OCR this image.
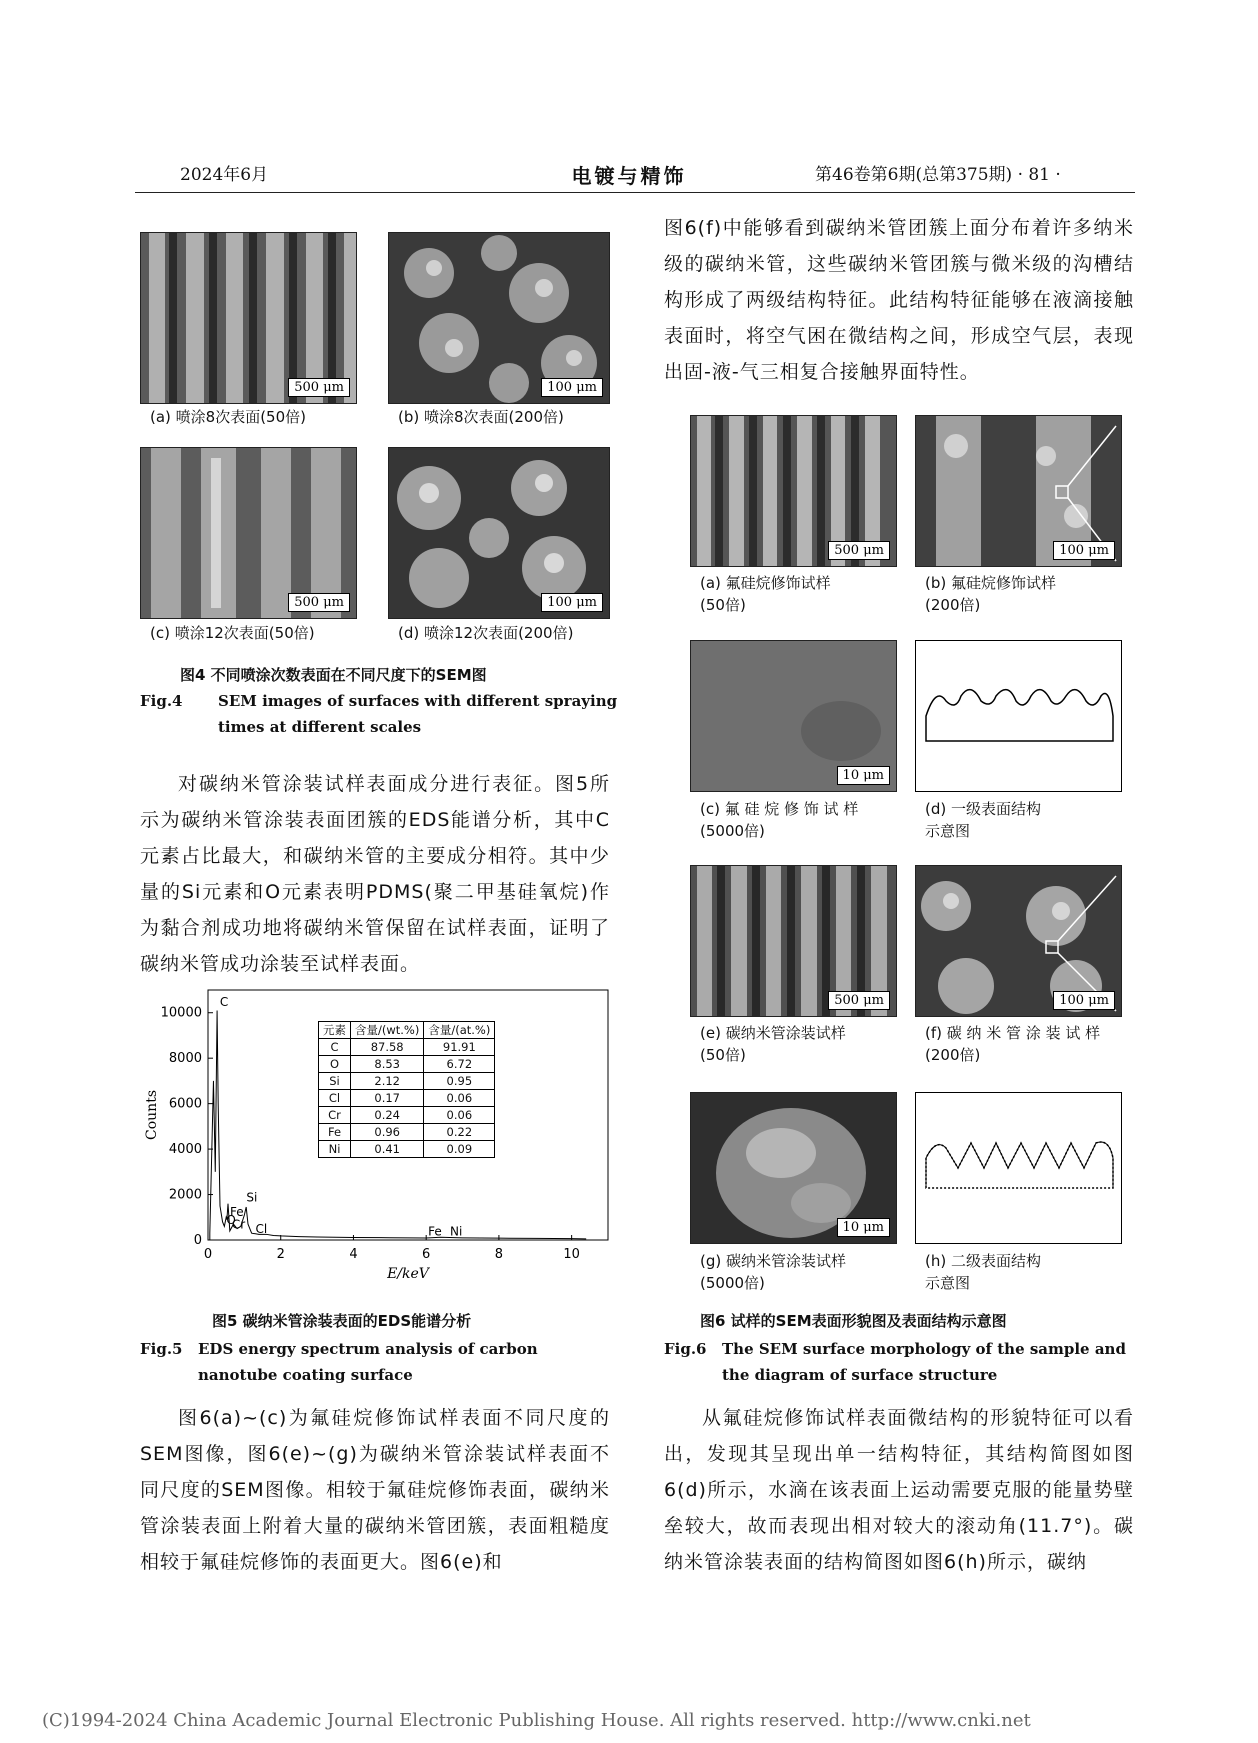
2024年6月	电镀与精饰	第46卷第6期(总第375期) · 81 ·
500 μm	100 μm
(a) 喷涂8次表面(50倍)	(b) 喷涂8次表面(200倍)
500 μm	100 μm
(c) 喷涂12次表面(50倍)	(d) 喷涂12次表面(200倍)
图4 不同喷涂次数表面在不同尺度下的SEM图
Fig.4 SEM images of surfaces with different spraying times at different scales

对碳纳米管涂装试样表面成分进行表征。图5所示为碳纳米管涂装表面团簇的EDS能谱分析，其中C元素占比最大，和碳纳米管的主要成分相符。其中少量的Si元素和O元素表明PDMS(聚二甲基硅氧烷)作为黏合剂成功地将碳纳米管保留在试样表面，证明了碳纳米管成功涂装至试样表面。

0	2	4	6	8	10
0
2000
4000
6000
8000
10000
E/keV
Counts
C
Si
Fe
O
Cr Cl	Fe Ni
元素	含量/(wt.%)	含量/(at.%)
C	87.58	91.91
O	8.53	6.72
Si	2.12	0.95
Cl	0.17	0.06
Cr	0.24	0.06
Fe	0.96	0.22
Ni	0.41	0.09
图5 碳纳米管涂装表面的EDS能谱分析
Fig.5 EDS energy spectrum analysis of carbon nanotube coating surface

图6(a)~(c)为氟硅烷修饰试样表面不同尺度的SEM图像，图6(e)~(g)为碳纳米管涂装试样表面不同尺度的SEM图像。相较于氟硅烷修饰表面，碳纳米管涂装表面上附着大量的碳纳米管团簇，表面粗糙度相较于氟硅烷修饰的表面更大。图6(e)和

图6(f)中能够看到碳纳米管团簇上面分布着许多纳米级的碳纳米管，这些碳纳米管团簇与微米级的沟槽结构形成了两级结构特征。此结构特征能够在液滴接触表面时，将空气困在微结构之间，形成空气层，表现出固-液-气三相复合接触界面特性。

500 μm	100 μm
(a) 氟硅烷修饰试样
(50倍)
(b) 氟硅烷修饰试样
(200倍)
10 μm
(c) 氟 硅 烷 修 饰 试 样
(5000倍)
(d) 一级表面结构
示意图
500 μm	100 μm
(e) 碳纳米管涂装试样
(50倍)
(f) 碳 纳 米 管 涂 装 试 样
(200倍)
10 μm
(g) 碳纳米管涂装试样
(5000倍)
(h) 二级表面结构
示意图
图6 试样的SEM表面形貌图及表面结构示意图
Fig.6 The SEM surface morphology of the sample and the diagram of surface structure

从氟硅烷修饰试样表面微结构的形貌特征可以看出，发现其呈现出单一结构特征，其结构简图如图6(d)所示，水滴在该表面上运动需要克服的能量势壁垒较大，故而表现出相对较大的滚动角(11.7°)。碳纳米管涂装表面的结构简图如图6(h)所示，碳纳

(C)1994-2024 China Academic Journal Electronic Publishing House. All rights reserved. http://www.cnki.net
